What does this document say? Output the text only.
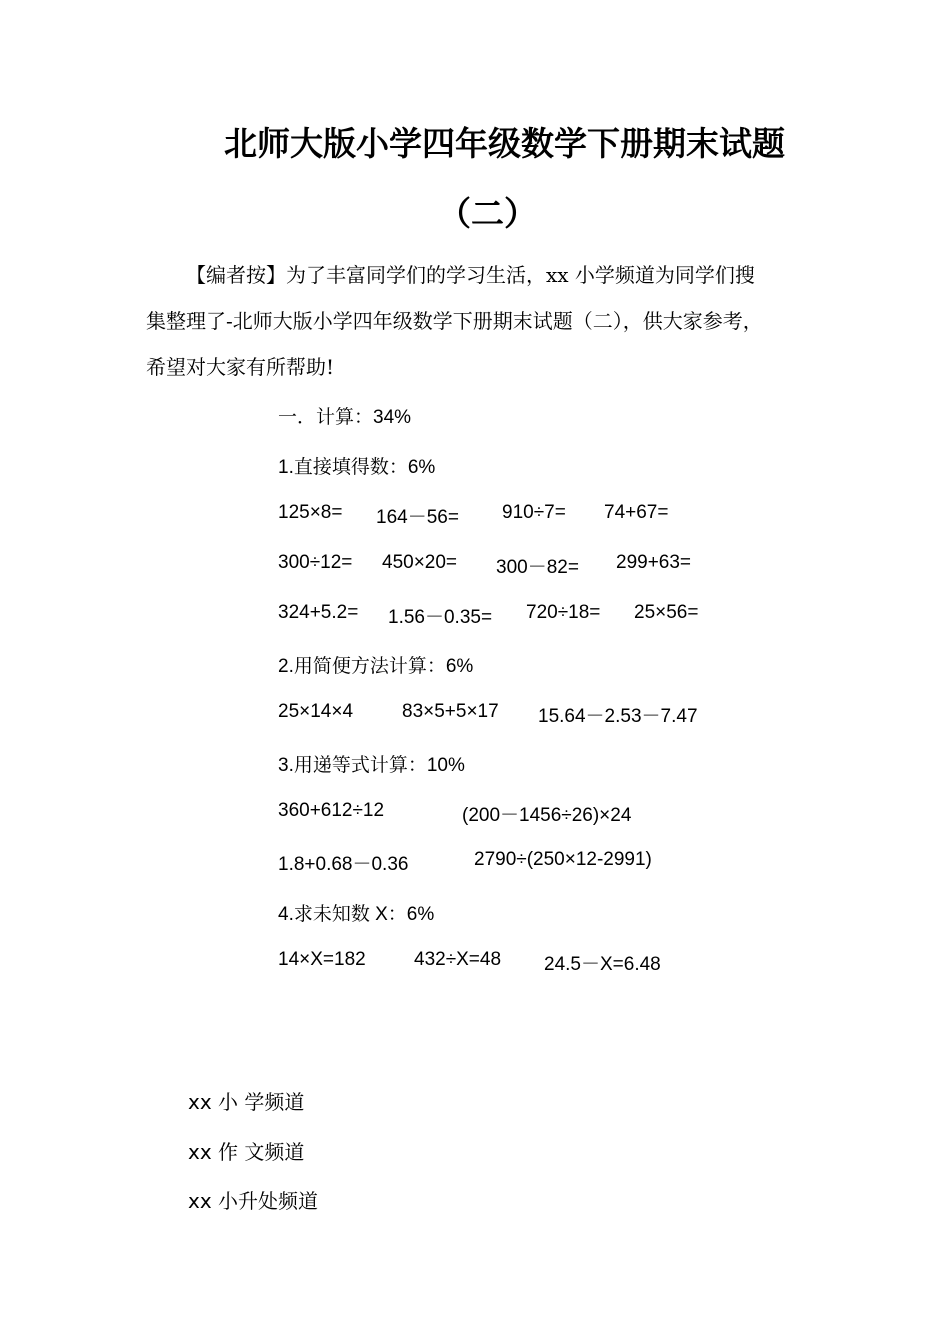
北师大版小学四年级数学下册期末试题
（二）

【编者按】为了丰富同学们的学习生活，xx 小学频道为同学们搜

集整理了-北师大版小学四年级数学下册期末试题（二），供大家参考，

希望对大家有所帮助!

一．计算：34%
1.直接填得数：6%
125×8= 164－56= 910÷7= 74+67=
300÷12= 450×20= 300－82= 299+63=
324+5.2= 1.56－0.35= 720÷18= 25×56=
2.用简便方法计算：6%
25×14×4	83×5+5×17 15.64－2.53－7.47
3.用递等式计算：10%
360+612÷12	(200－1456÷26)×24
1.8+0.68－0.36	2790÷(250×12-2991)
4.求未知数 X：6%
14×X=182	432÷X=48 24.5－X=6.48
xx 小 学频道
xx 作 文频道
xx 小升处频道
